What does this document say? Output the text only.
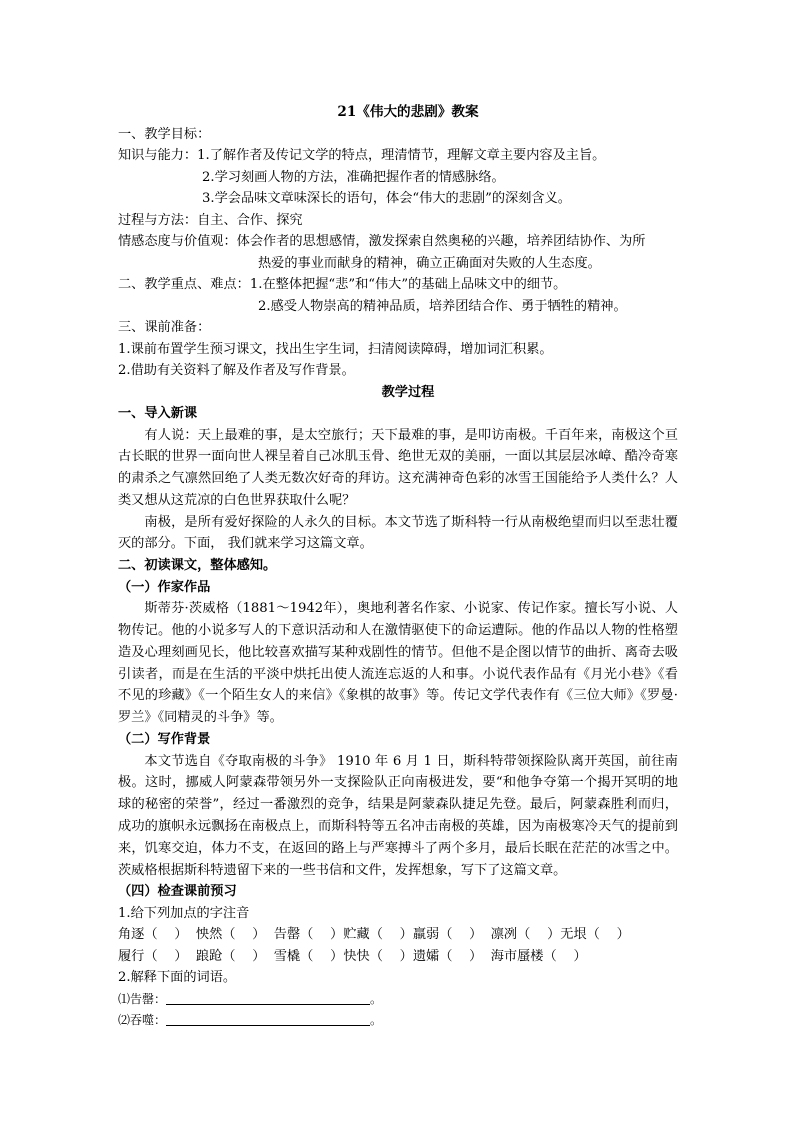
21《伟大的悲剧》教案
一、教学目标：
知识与能力：1.了解作者及传记文学的特点，理清情节，理解文章主要内容及主旨。
2.学习刻画人物的方法，准确把握作者的情感脉络。
3.学会品味文章味深长的语句，体会“伟大的悲剧”的深刻含义。
过程与方法：自主、合作、探究
情感态度与价值观：体会作者的思想感情，激发探索自然奥秘的兴趣，培养团结协作、为所
热爱的事业而献身的精神，确立正确面对失败的人生态度。
二、教学重点、难点：1.在整体把握“悲”和“伟大”的基础上品味文中的细节。
2.感受人物崇高的精神品质，培养团结合作、勇于牺牲的精神。
三、课前准备：
1.课前布置学生预习课文，找出生字生词，扫清阅读障碍，增加词汇积累。
2.借助有关资料了解及作者及写作背景。
教学过程
一、导入新课

有人说：天上最难的事，是太空旅行；天下最难的事，是叩访南极。千百年来，南极这个亘古长眠的世界一面向世人裸呈着自己冰肌玉骨、绝世无双的美丽，一面以其层层冰嶂、酷冷奇寒的肃杀之气凛然回绝了人类无数次好奇的拜访。这充满神奇色彩的冰雪王国能给予人类什么？人类又想从这荒凉的白色世界获取什么呢？

南极，是所有爱好探险的人永久的目标。本文节选了斯科特一行从南极绝望而归以至悲壮覆灭的部分。下面， 我们就来学习这篇文章。

二、初读课文，整体感知。
（一）作家作品

斯蒂芬·茨威格（1881～1942年），奥地利著名作家、小说家、传记作家。擅长写小说、人物传记。他的小说多写人的下意识活动和人在激情驱使下的命运遭际。他的作品以人物的性格塑造及心理刻画见长，他比较喜欢描写某种戏剧性的情节。但他不是企图以情节的曲折、离奇去吸引读者，而是在生活的平淡中烘托出使人流连忘返的人和事。小说代表作品有《月光小巷》《看不见的珍藏》《一个陌生女人的来信》《象棋的故事》等。传记文学代表作有《三位大师》《罗曼·罗兰》《同精灵的斗争》等。

（二）写作背景

本文节选自《夺取南极的斗争》 1910 年 6 月 1 日，斯科特带领探险队离开英国，前往南极。这时，挪威人阿蒙森带领另外一支探险队正向南极进发，要“和他争夺第一个揭开冥明的地球的秘密的荣誉”，经过一番激烈的竞争，结果是阿蒙森队捷足先登。最后，阿蒙森胜利而归，成功的旗帜永远飘扬在南极点上，而斯科特等五名冲击南极的英雄，因为南极寒冷天气的提前到来，饥寒交迫，体力不支，在返回的路上与严寒搏斗了两个多月，最后长眠在茫茫的冰雪之中。茨威格根据斯科特遗留下来的一些书信和文件，发挥想象，写下了这篇文章。

（四）检查课前预习
1.给下列加点的字注音
角逐（    ）  怏然（    ）  告罄（    ）贮藏（    ）羸弱（    ）  凛冽（    ）无垠（    ）
履行（    ）  踉跄（    ）  雪橇（    ）快快（    ）遗孀（    ）  海市蜃楼（    ）
2.解释下面的词语。
⑴告罄：	。
⑵吞噬：	。
